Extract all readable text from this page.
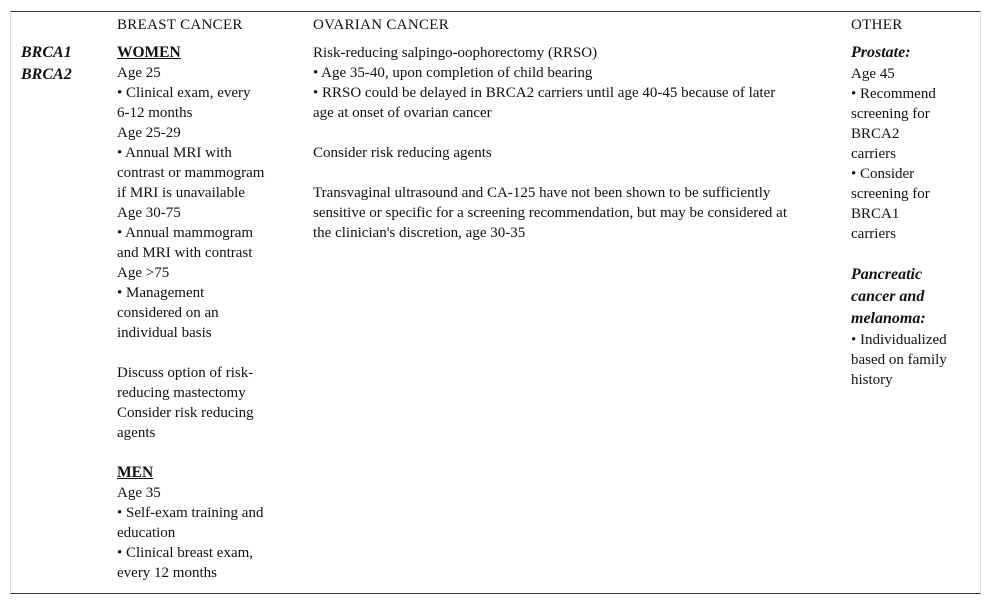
BREAST CANCER	OVARIAN CANCER	OTHER
BRCA1
BRCA2
WOMEN
Age 25
• Clinical exam, every
6-12 months
Age 25-29
• Annual MRI with
contrast or mammogram
if MRI is unavailable
Age 30-75
• Annual mammogram
and MRI with contrast
Age >75
• Management
considered on an
individual basis
Discuss option of risk-
reducing mastectomy
Consider risk reducing
agents
MEN
Age 35
• Self-exam training and
education
• Clinical breast exam,
every 12 months
Risk-reducing salpingo-oophorectomy (RRSO)
• Age 35-40, upon completion of child bearing
• RRSO could be delayed in BRCA2 carriers until age 40-45 because of later
age at onset of ovarian cancer
Consider risk reducing agents
Transvaginal ultrasound and CA-125 have not been shown to be sufficiently
sensitive or specific for a screening recommendation, but may be considered at
the clinician's discretion, age 30-35
Prostate:
Age 45
• Recommend
screening for
BRCA2
carriers
• Consider
screening for
BRCA1
carriers
Pancreatic
cancer and
melanoma:
• Individualized
based on family
history
